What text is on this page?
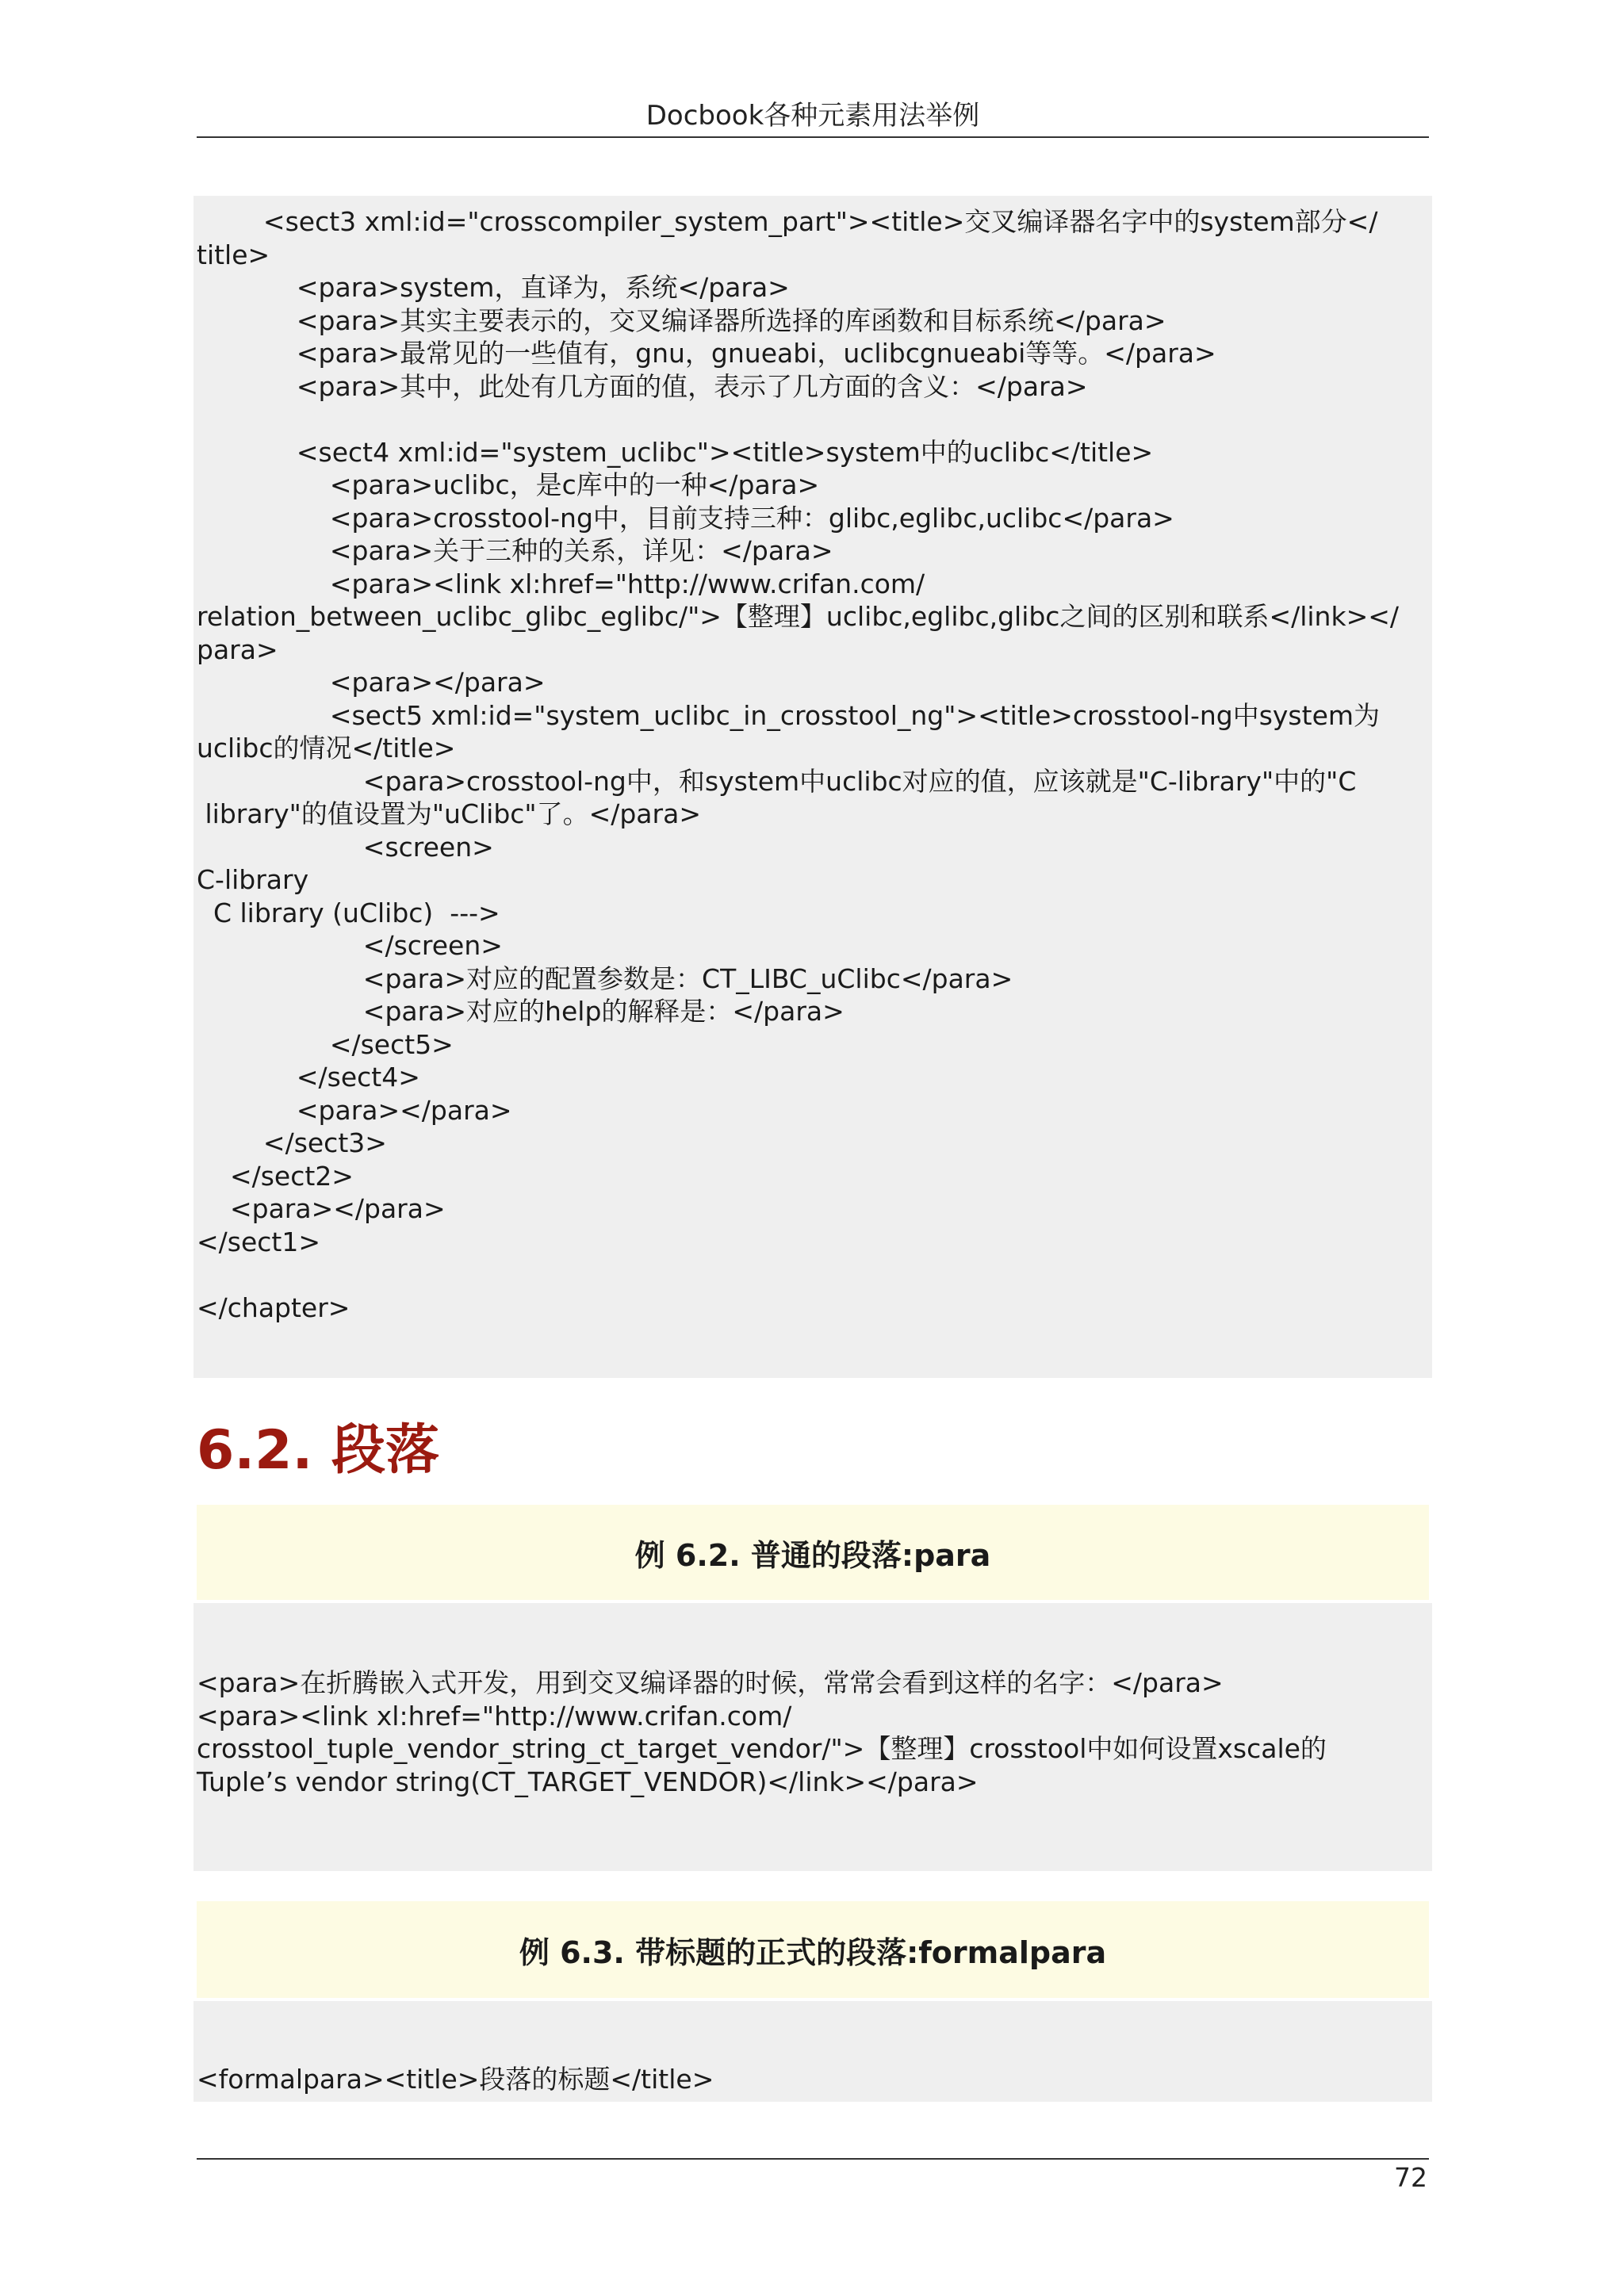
Docbook各种元素用法举例
<sect3 xml:id="crosscompiler_system_part"><title>交叉编译器名字中的system部分</
title>
<para>system，直译为，系统</para>
<para>其实主要表示的，交叉编译器所选择的库函数和目标系统</para>
<para>最常见的一些值有，gnu，gnueabi，uclibcgnueabi等等。</para>
<para>其中，此处有几方面的值，表示了几方面的含义：</para>

<sect4 xml:id="system_uclibc"><title>system中的uclibc</title>
<para>uclibc，是c库中的一种</para>
<para>crosstool-ng中，目前支持三种：glibc,eglibc,uclibc</para>
<para>关于三种的关系，详见：</para>
<para><link xl:href="http://www.crifan.com/
relation_between_uclibc_glibc_eglibc/">【整理】uclibc,eglibc,glibc之间的区别和联系</link></
para>
<para></para>
<sect5 xml:id="system_uclibc_in_crosstool_ng"><title>crosstool-ng中system为
uclibc的情况</title>
<para>crosstool-ng中，和system中uclibc对应的值，应该就是"C-library"中的"C
library"的值设置为"uClibc"了。</para>
<screen>
C-library
C library (uClibc)  --->
</screen>
<para>对应的配置参数是：CT_LIBC_uClibc</para>
<para>对应的help的解释是：</para>
</sect5>
</sect4>
<para></para>
</sect3>
</sect2>
<para></para>
</sect1>

</chapter>
6.2. 段落
例 6.2. 普通的段落:para
<para>在折腾嵌入式开发，用到交叉编译器的时候，常常会看到这样的名字：</para>
<para><link xl:href="http://www.crifan.com/
crosstool_tuple_vendor_string_ct_target_vendor/">【整理】crosstool中如何设置xscale的
Tuple’s vendor string(CT_TARGET_VENDOR)</link></para>
例 6.3. 带标题的正式的段落:formalpara
<formalpara><title>段落的标题</title>
72
